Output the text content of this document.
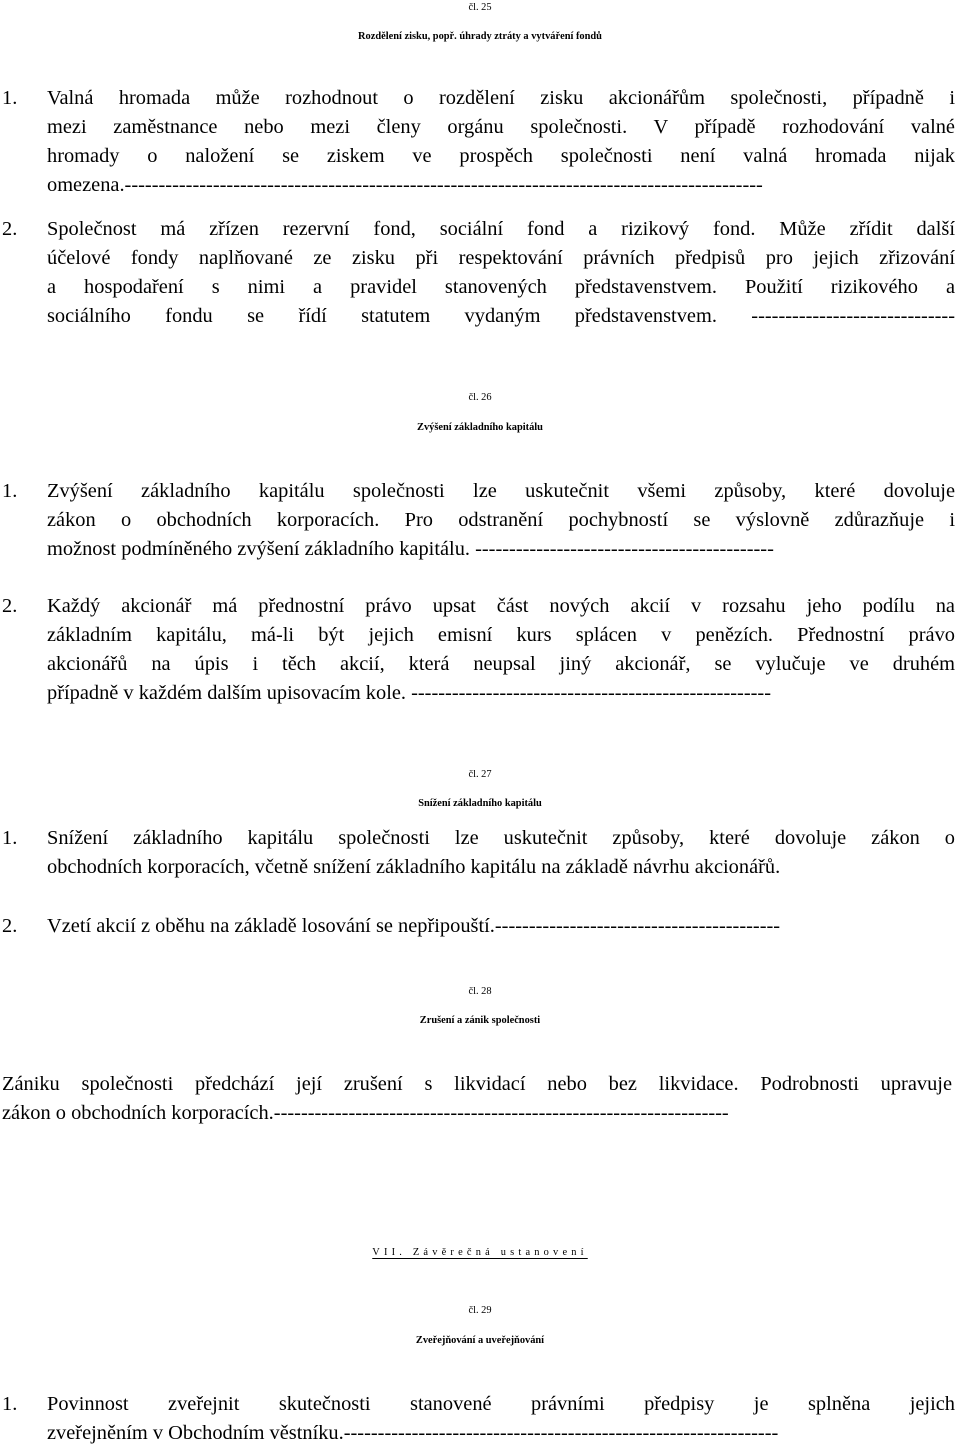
čl. 25
Rozdělení zisku, popř. úhrady ztráty a vytváření fondů
1. Valná hromada může rozhodnout o rozdělení zisku akcionářům společnosti, případně i
mezi zaměstnance nebo mezi členy orgánu společnosti. V případě rozhodování valné
hromady o naložení se ziskem ve prospěch společnosti není valná hromada nijak
omezena.----------------------------------------------------------------------------------------------
2. Společnost má zřízen rezervní fond, sociální fond a rizikový fond. Může zřídit další
účelové fondy naplňované ze zisku při respektování právních předpisů pro jejich zřizování
a hospodaření s nimi a pravidel stanovených představenstvem. Použití rizikového a
sociálního fondu se řídí statutem vydaným představenstvem. ------------------------------
čl. 26
Zvýšení základního kapitálu
1. Zvýšení základního kapitálu společnosti lze uskutečnit všemi způsoby, které dovoluje
zákon o obchodních korporacích. Pro odstranění pochybností se výslovně zdůrazňuje i
možnost podmíněného zvýšení základního kapitálu. --------------------------------------------
2. Každý akcionář má přednostní právo upsat část nových akcií v rozsahu jeho podílu na
základním kapitálu, má-li být jejich emisní kurs splácen v penězích. Přednostní právo
akcionářů na úpis i těch akcií, která neupsal jiný akcionář, se vylučuje ve druhém
případně v každém dalším upisovacím kole. -----------------------------------------------------
čl. 27
Snížení základního kapitálu
1. Snížení základního kapitálu společnosti lze uskutečnit způsoby, které dovoluje zákon o
obchodních korporacích, včetně snížení základního kapitálu na základě návrhu akcionářů.
2. Vzetí akcií z oběhu na základě losování se nepřipouští.------------------------------------------
čl. 28
Zrušení a zánik společnosti
Zániku společnosti předchází její zrušení s likvidací nebo bez likvidace. Podrobnosti upravuje
zákon o obchodních korporacích.-------------------------------------------------------------------
VII. Závěrečná ustanovení
čl. 29
Zveřejňování a uveřejňování
1. Povinnost zveřejnit skutečnosti stanovené právními předpisy je splněna jejich
zveřejněním v Obchodním věstníku.----------------------------------------------------------------
